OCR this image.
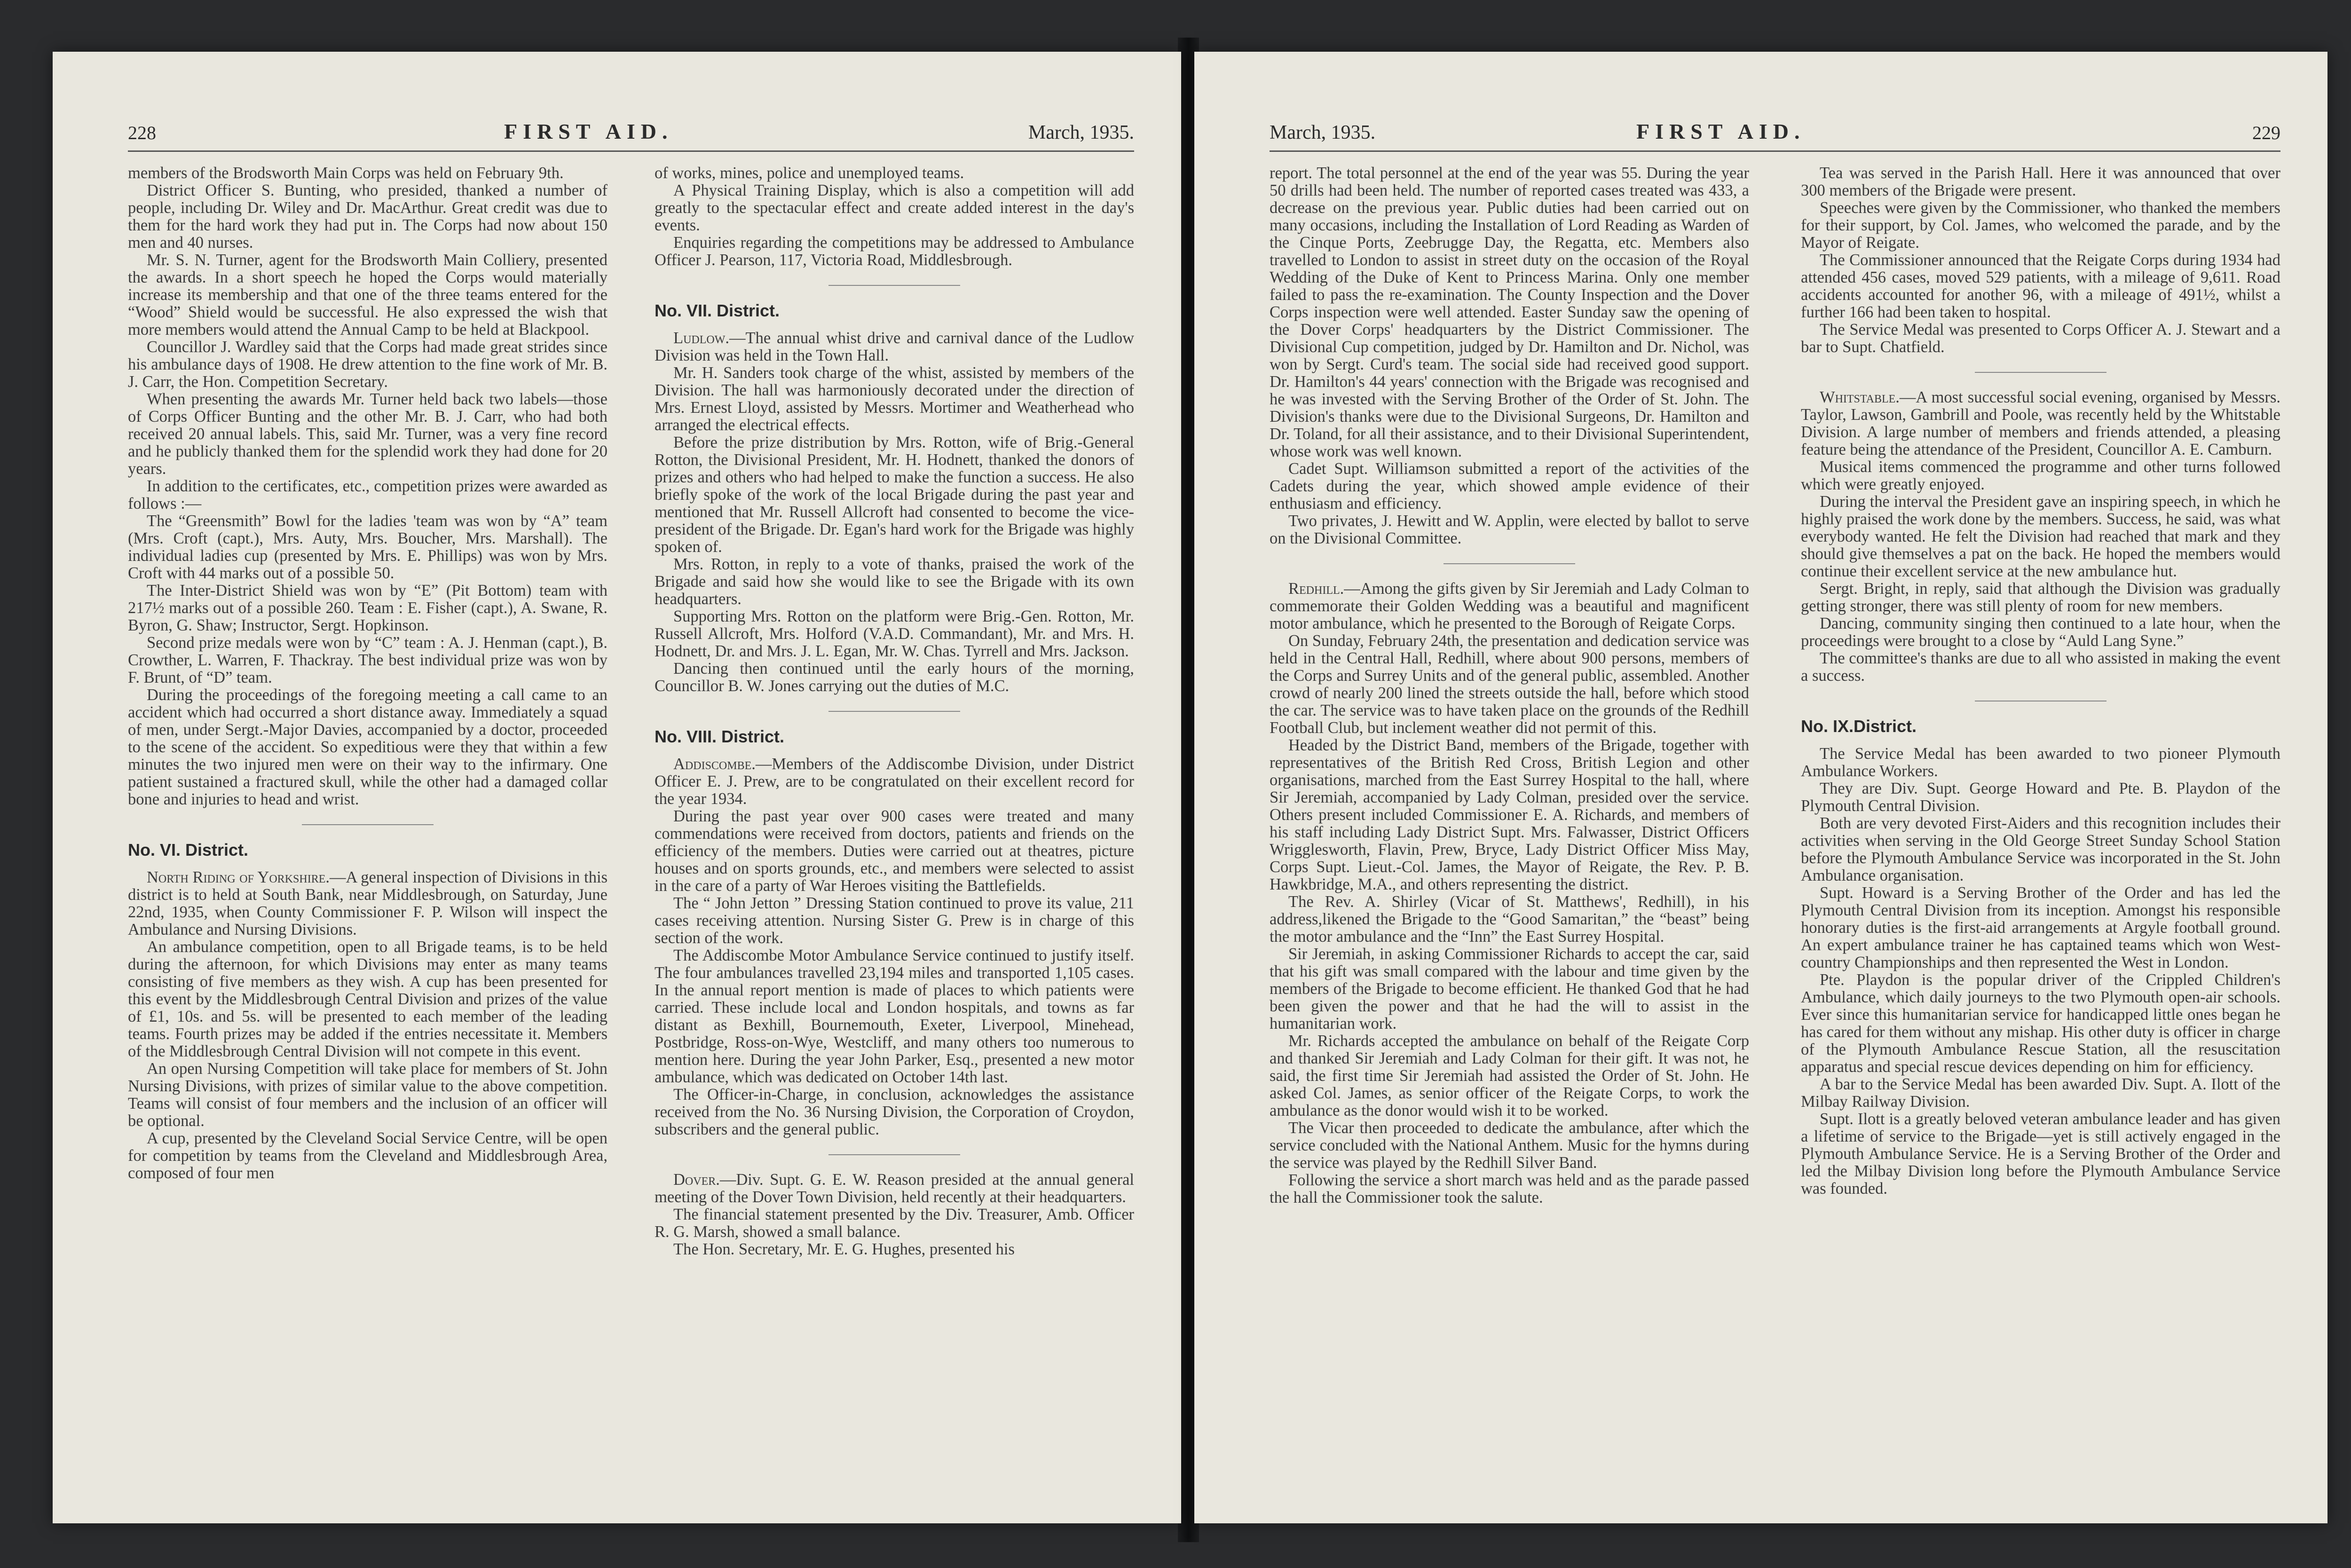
228	FIRST AID.	March, 1935.

members of the Brodsworth Main Corps was held on February 9th.

District Officer S. Bunting, who presided, thanked a number of people, including Dr. Wiley and Dr. MacArthur. Great credit was due to them for the hard work they had put in. The Corps had now about 150 men and 40 nurses.

Mr. S. N. Turner, agent for the Brodsworth Main Colliery, presented the awards. In a short speech he hoped the Corps would materially increase its membership and that one of the three teams entered for the “Wood” Shield would be successful. He also expressed the wish that more members would attend the Annual Camp to be held at Blackpool.

Councillor J. Wardley said that the Corps had made great strides since his ambulance days of 1908. He drew attention to the fine work of Mr. B. J. Carr, the Hon. Competition Secretary.

When presenting the awards Mr. Turner held back two labels—those of Corps Officer Bunting and the other Mr. B. J. Carr, who had both received 20 annual labels. This, said Mr. Turner, was a very fine record and he publicly thanked them for the splendid work they had done for 20 years.

In addition to the certificates, etc., competition prizes were awarded as follows :—

The “Greensmith” Bowl for the ladies 'team was won by “A” team (Mrs. Croft (capt.), Mrs. Auty, Mrs. Boucher, Mrs. Marshall). The individual ladies cup (presented by Mrs. E. Phillips) was won by Mrs. Croft with 44 marks out of a possible 50.

The Inter-District Shield was won by “E” (Pit Bottom) team with 217½ marks out of a possible 260. Team : E. Fisher (capt.), A. Swane, R. Byron, G. Shaw; Instructor, Sergt. Hopkinson.

Second prize medals were won by “C” team : A. J. Henman (capt.), B. Crowther, L. Warren, F. Thackray. The best individual prize was won by F. Brunt, of “D” team.

During the proceedings of the foregoing meeting a call came to an accident which had occurred a short distance away. Immediately a squad of men, under Sergt.-Major Davies, accompanied by a doctor, proceeded to the scene of the accident. So expeditious were they that within a few minutes the two injured men were on their way to the infirmary. One patient sustained a fractured skull, while the other had a damaged collar bone and injuries to head and wrist.

No. VI. District.

North Riding of Yorkshire.—A general inspection of Divisions in this district is to held at South Bank, near Middlesbrough, on Saturday, June 22nd, 1935, when County Commissioner F. P. Wilson will inspect the Ambulance and Nursing Divisions.

An ambulance competition, open to all Brigade teams, is to be held during the afternoon, for which Divisions may enter as many teams consisting of five members as they wish. A cup has been presented for this event by the Middlesbrough Central Division and prizes of the value of £1, 10s. and 5s. will be presented to each member of the leading teams. Fourth prizes may be added if the entries necessitate it. Members of the Middlesbrough Central Division will not compete in this event.

An open Nursing Competition will take place for members of St. John Nursing Divisions, with prizes of similar value to the above competition. Teams will consist of four members and the inclusion of an officer will be optional.

A cup, presented by the Cleveland Social Service Centre, will be open for competition by teams from the Cleveland and Middlesbrough Area, composed of four men

of works, mines, police and unemployed teams.

A Physical Training Display, which is also a competition will add greatly to the spectacular effect and create added interest in the day's events.

Enquiries regarding the competitions may be addressed to Ambulance Officer J. Pearson, 117, Victoria Road, Middlesbrough.

No. VII. District.

Ludlow.—The annual whist drive and carnival dance of the Ludlow Division was held in the Town Hall.

Mr. H. Sanders took charge of the whist, assisted by members of the Division. The hall was harmoniously decorated under the direction of Mrs. Ernest Lloyd, assisted by Messrs. Mortimer and Weatherhead who arranged the electrical effects.

Before the prize distribution by Mrs. Rotton, wife of Brig.-General Rotton, the Divisional President, Mr. H. Hodnett, thanked the donors of prizes and others who had helped to make the function a success. He also briefly spoke of the work of the local Brigade during the past year and mentioned that Mr. Russell Allcroft had consented to become the vice-president of the Brigade. Dr. Egan's hard work for the Brigade was highly spoken of.

Mrs. Rotton, in reply to a vote of thanks, praised the work of the Brigade and said how she would like to see the Brigade with its own headquarters.

Supporting Mrs. Rotton on the platform were Brig.-Gen. Rotton, Mr. Russell Allcroft, Mrs. Holford (V.A.D. Commandant), Mr. and Mrs. H. Hodnett, Dr. and Mrs. J. L. Egan, Mr. W. Chas. Tyrrell and Mrs. Jackson.

Dancing then continued until the early hours of the morning, Councillor B. W. Jones carrying out the duties of M.C.

No. VIII. District.

Addiscombe.—Members of the Addiscombe Division, under District Officer E. J. Prew, are to be congratulated on their excellent record for the year 1934.

During the past year over 900 cases were treated and many commendations were received from doctors, patients and friends on the efficiency of the members. Duties were carried out at theatres, picture houses and on sports grounds, etc., and members were selected to assist in the care of a party of War Heroes visiting the Battlefields.

The “ John Jetton ” Dressing Station continued to prove its value, 211 cases receiving attention. Nursing Sister G. Prew is in charge of this section of the work.

The Addiscombe Motor Ambulance Service continued to justify itself. The four ambulances travelled 23,194 miles and transported 1,105 cases. In the annual report mention is made of places to which patients were carried. These include local and London hospitals, and towns as far distant as Bexhill, Bournemouth, Exeter, Liverpool, Minehead, Postbridge, Ross-on-Wye, Westcliff, and many others too numerous to mention here. During the year John Parker, Esq., presented a new motor ambulance, which was dedicated on October 14th last.

The Officer-in-Charge, in conclusion, acknowledges the assistance received from the No. 36 Nursing Division, the Corporation of Croydon, subscribers and the general public.

Dover.—Div. Supt. G. E. W. Reason presided at the annual general meeting of the Dover Town Division, held recently at their headquarters.

The financial statement presented by the Div. Treasurer, Amb. Officer R. G. Marsh, showed a small balance.

The Hon. Secretary, Mr. E. G. Hughes, presented his

March, 1935.	FIRST AID.	229

report. The total personnel at the end of the year was 55. During the year 50 drills had been held. The number of reported cases treated was 433, a decrease on the previous year. Public duties had been carried out on many occasions, including the Installation of Lord Reading as Warden of the Cinque Ports, Zeebrugge Day, the Regatta, etc. Members also travelled to London to assist in street duty on the occasion of the Royal Wedding of the Duke of Kent to Princess Marina. Only one member failed to pass the re-examination. The County Inspection and the Dover Corps inspection were well attended. Easter Sunday saw the opening of the Dover Corps' headquarters by the District Commissioner. The Divisional Cup competition, judged by Dr. Hamilton and Dr. Nichol, was won by Sergt. Curd's team. The social side had received good support. Dr. Hamilton's 44 years' connection with the Brigade was recognised and he was invested with the Serving Brother of the Order of St. John. The Division's thanks were due to the Divisional Surgeons, Dr. Hamilton and Dr. Toland, for all their assistance, and to their Divisional Superintendent, whose work was well known.

Cadet Supt. Williamson submitted a report of the activities of the Cadets during the year, which showed ample evidence of their enthusiasm and efficiency.

Two privates, J. Hewitt and W. Applin, were elected by ballot to serve on the Divisional Committee.

Redhill.—Among the gifts given by Sir Jeremiah and Lady Colman to commemorate their Golden Wedding was a beautiful and magnificent motor ambulance, which he presented to the Borough of Reigate Corps.

On Sunday, February 24th, the presentation and dedication service was held in the Central Hall, Redhill, where about 900 persons, members of the Corps and Surrey Units and of the general public, assembled. Another crowd of nearly 200 lined the streets outside the hall, before which stood the car. The service was to have taken place on the grounds of the Redhill Football Club, but inclement weather did not permit of this.

Headed by the District Band, members of the Brigade, together with representatives of the British Red Cross, British Legion and other organisations, marched from the East Surrey Hospital to the hall, where Sir Jeremiah, accompanied by Lady Colman, presided over the service. Others present included Commissioner E. A. Richards, and members of his staff including Lady District Supt. Mrs. Falwasser, District Officers Wrigglesworth, Flavin, Prew, Bryce, Lady District Officer Miss May, Corps Supt. Lieut.-Col. James, the Mayor of Reigate, the Rev. P. B. Hawkbridge, M.A., and others representing the district.

The Rev. A. Shirley (Vicar of St. Matthews', Redhill), in his address,likened the Brigade to the “Good Samaritan,” the “beast” being the motor ambulance and the “Inn” the East Surrey Hospital.

Sir Jeremiah, in asking Commissioner Richards to accept the car, said that his gift was small compared with the labour and time given by the members of the Brigade to become efficient. He thanked God that he had been given the power and that he had the will to assist in the humanitarian work.

Mr. Richards accepted the ambulance on behalf of the Reigate Corp and thanked Sir Jeremiah and Lady Colman for their gift. It was not, he said, the first time Sir Jeremiah had assisted the Order of St. John. He asked Col. James, as senior officer of the Reigate Corps, to work the ambulance as the donor would wish it to be worked.

The Vicar then proceeded to dedicate the ambulance, after which the service concluded with the National Anthem. Music for the hymns during the service was played by the Redhill Silver Band.

Following the service a short march was held and as the parade passed the hall the Commissioner took the salute.

Tea was served in the Parish Hall. Here it was announced that over 300 members of the Brigade were present.

Speeches were given by the Commissioner, who thanked the members for their support, by Col. James, who welcomed the parade, and by the Mayor of Reigate.

The Commissioner announced that the Reigate Corps during 1934 had attended 456 cases, moved 529 patients, with a mileage of 9,611. Road accidents accounted for another 96, with a mileage of 491½, whilst a further 166 had been taken to hospital.

The Service Medal was presented to Corps Officer A. J. Stewart and a bar to Supt. Chatfield.

Whitstable.—A most successful social evening, organised by Messrs. Taylor, Lawson, Gambrill and Poole, was recently held by the Whitstable Division. A large number of members and friends attended, a pleasing feature being the attendance of the President, Councillor A. E. Camburn.

Musical items commenced the programme and other turns followed which were greatly enjoyed.

During the interval the President gave an inspiring speech, in which he highly praised the work done by the members. Success, he said, was what everybody wanted. He felt the Division had reached that mark and they should give themselves a pat on the back. He hoped the members would continue their excellent service at the new ambulance hut.

Sergt. Bright, in reply, said that although the Division was gradually getting stronger, there was still plenty of room for new members.

Dancing, community singing then continued to a late hour, when the proceedings were brought to a close by “Auld Lang Syne.”

The committee's thanks are due to all who assisted in making the event a success.

No. IX.District.

The Service Medal has been awarded to two pioneer Plymouth Ambulance Workers.

They are Div. Supt. George Howard and Pte. B. Playdon of the Plymouth Central Division.

Both are very devoted First-Aiders and this recognition includes their activities when serving in the Old George Street Sunday School Station before the Plymouth Ambulance Service was incorporated in the St. John Ambulance organisation.

Supt. Howard is a Serving Brother of the Order and has led the Plymouth Central Division from its inception. Amongst his responsible honorary duties is the first-aid arrangements at Argyle football ground. An expert ambulance trainer he has captained teams which won West-country Championships and then represented the West in London.

Pte. Playdon is the popular driver of the Crippled Children's Ambulance, which daily journeys to the two Plymouth open-air schools. Ever since this humanitarian service for handicapped little ones began he has cared for them without any mishap. His other duty is officer in charge of the Plymouth Ambulance Rescue Station, all the resuscitation apparatus and special rescue devices depending on him for efficiency.

A bar to the Service Medal has been awarded Div. Supt. A. Ilott of the Milbay Railway Division.

Supt. Ilott is a greatly beloved veteran ambulance leader and has given a lifetime of service to the Brigade—yet is still actively engaged in the Plymouth Ambulance Service. He is a Serving Brother of the Order and led the Milbay Division long before the Plymouth Ambulance Service was founded.
